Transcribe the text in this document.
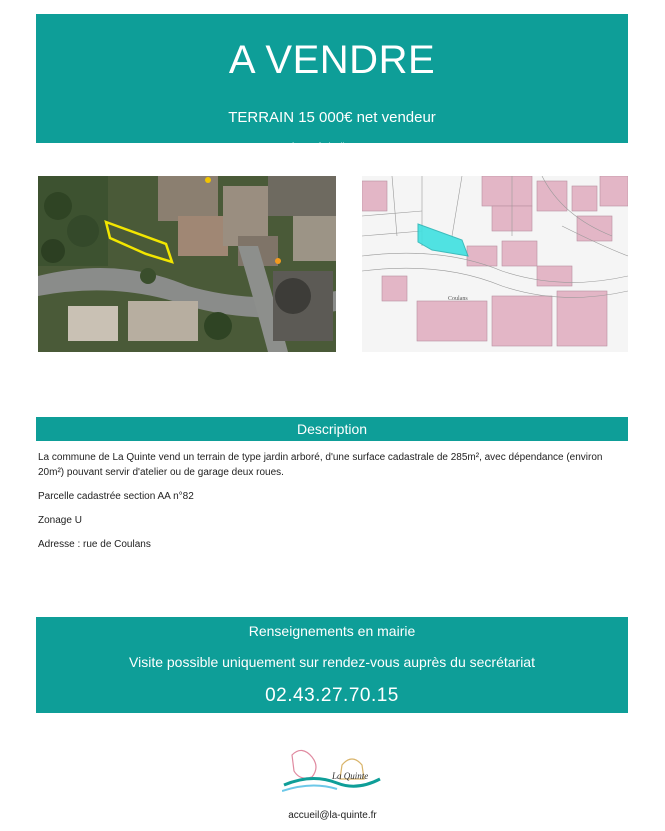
A VENDRE
TERRAIN 15 000€ net vendeur
Aucun frais d'agence
Coulans
Description

La commune de La Quinte vend un terrain de type jardin arboré, d'une surface cadastrale de 285m², avec dépendance (environ 20m²) pouvant servir d'atelier ou de garage deux roues.

Parcelle cadastrée section AA n°82

Zonage U

Adresse : rue de Coulans

Renseignements en mairie
Visite possible uniquement sur rendez-vous auprès du secrétariat
02.43.27.70.15
La Quinte
accueil@la-quinte.fr
